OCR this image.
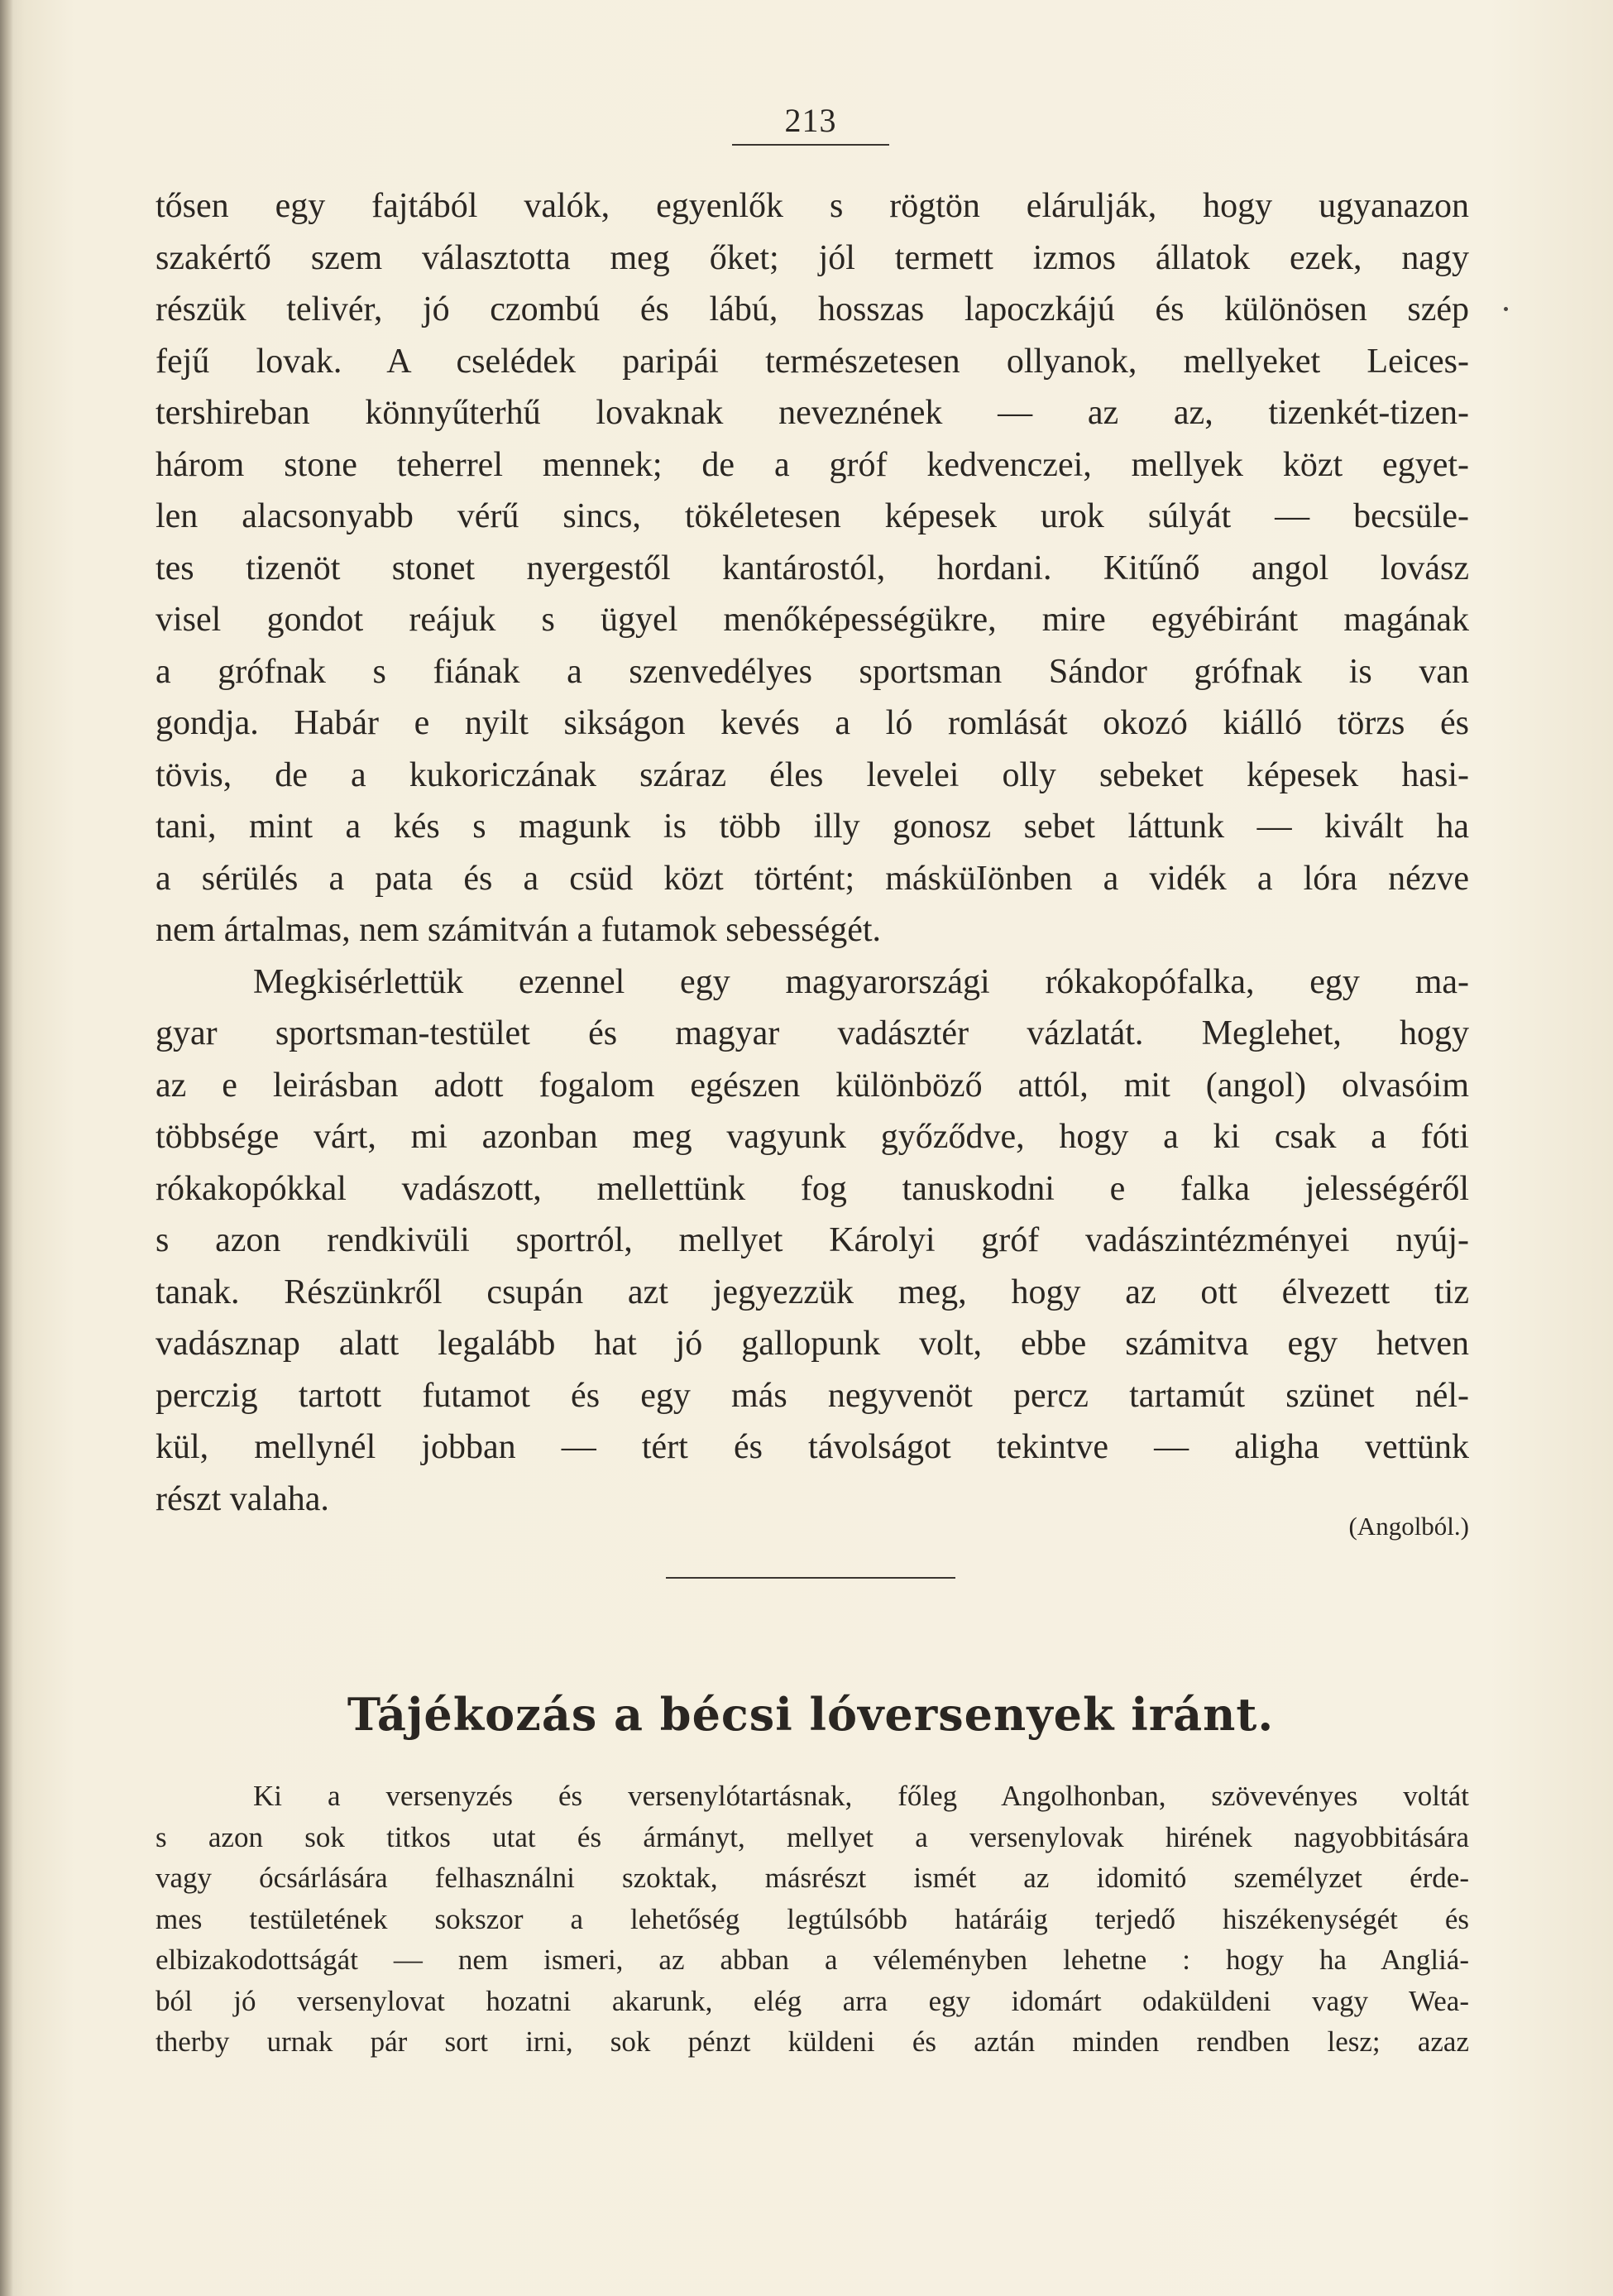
213
tősen egy fajtából valók, egyenlők s rögtön elárulják, hogy ugyanazon
szakértő szem választotta meg őket; jól termett izmos állatok ezek, nagy
részük telivér, jó czombú és lábú, hosszas lapoczkájú és különösen szép
fejű lovak. A cselédek paripái természetesen ollyanok, mellyeket Leices-
tershireban könnyűterhű lovaknak neveznének — az az, tizenkét-tizen-
három stone teherrel mennek; de a gróf kedvenczei, mellyek közt egyet-
len alacsonyabb vérű sincs, tökéletesen képesek urok súlyát — becsüle-
tes tizenöt stonet nyergestől kantárostól, hordani. Kitűnő angol lovász
visel gondot reájuk s ügyel menőképességükre, mire egyébiránt magának
a grófnak s fiának a szenvedélyes sportsman Sándor grófnak is van
gondja. Habár e nyilt sikságon kevés a ló romlását okozó kiálló törzs és
tövis, de a kukoriczának száraz éles levelei olly sebeket képesek hasi-
tani, mint a kés s magunk is több illy gonosz sebet láttunk — kivált ha
a sérülés a pata és a csüd közt történt; másküIönben a vidék a lóra nézve
nem ártalmas, nem számitván a futamok sebességét.
Megkisérlettük ezennel egy magyarországi rókakopófalka, egy ma-
gyar sportsman-testület és magyar vadásztér vázlatát. Meglehet, hogy
az e leirásban adott fogalom egészen különböző attól, mit (angol) olvasóim
többsége várt, mi azonban meg vagyunk győződve, hogy a ki csak a fóti
rókakopókkal vadászott, mellettünk fog tanuskodni e falka jelességéről
s azon rendkivüli sportról, mellyet Károlyi gróf vadászintézményei nyúj-
tanak. Részünkről csupán azt jegyezzük meg, hogy az ott élvezett tiz
vadásznap alatt legalább hat jó gallopunk volt, ebbe számitva egy hetven
perczig tartott futamot és egy más negyvenöt percz tartamút szünet nél-
kül, mellynél jobban — tért és távolságot tekintve — aligha vettünk
részt valaha.
(Angolból.)
Tájékozás a bécsi lóversenyek iránt.
Ki a versenyzés és versenylótartásnak, főleg Angolhonban, szövevényes voltát
s azon sok titkos utat és ármányt, mellyet a versenylovak hirének nagyobbitására
vagy ócsárlására felhasználni szoktak, másrészt ismét az idomitó személyzet érde-
mes testületének sokszor a lehetőség legtúlsóbb határáig terjedő hiszékenységét és
elbizakodottságát — nem ismeri, az abban a véleményben lehetne : hogy ha Angliá-
ból jó versenylovat hozatni akarunk, elég arra egy idomárt odaküldeni vagy Wea-
therby urnak pár sort irni, sok pénzt küldeni és aztán minden rendben lesz; azaz
